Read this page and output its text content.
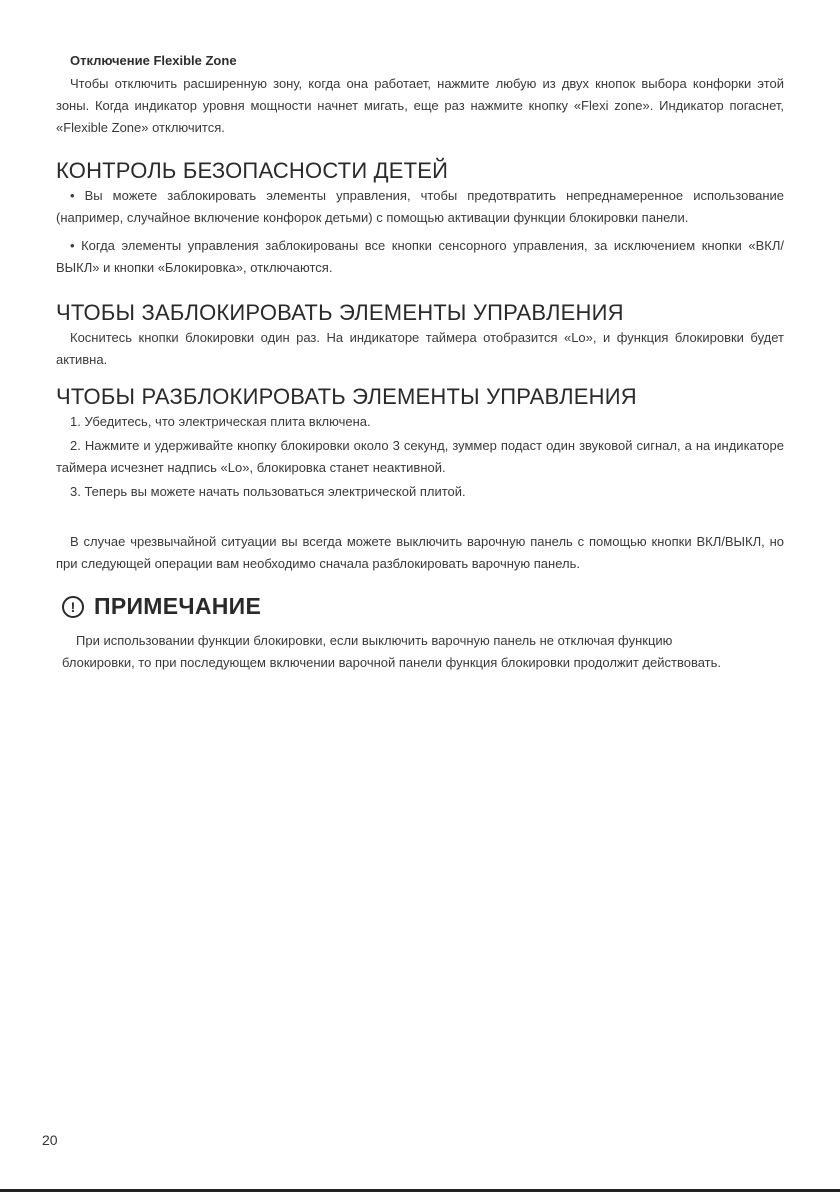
Отключение Flexible Zone

Чтобы отключить расширенную зону, когда она работает, нажмите любую из двух кнопок выбора конфорки этой зоны. Когда индикатор уровня мощности начнет мигать, еще раз нажмите кнопку «Flexi zone». Индикатор погаснет, «Flexible Zone» отключится.

КОНТРОЛЬ БЕЗОПАСНОСТИ ДЕТЕЙ

• Вы можете заблокировать элементы управления, чтобы предотвратить непреднамеренное использование (например, случайное включение конфорок детьми) с помощью активации функции блокировки панели.

• Когда элементы управления заблокированы все кнопки сенсорного управления, за исключением кнопки «ВКЛ/ВЫКЛ» и кнопки «Блокировка», отключаются.

ЧТОБЫ ЗАБЛОКИРОВАТЬ ЭЛЕМЕНТЫ УПРАВЛЕНИЯ

Коснитесь кнопки блокировки один раз. На индикаторе таймера отобразится «Lo», и функция блокировки будет активна.

ЧТОБЫ РАЗБЛОКИРОВАТЬ ЭЛЕМЕНТЫ УПРАВЛЕНИЯ

1. Убедитесь, что электрическая плита включена.

2. Нажмите и удерживайте кнопку блокировки около 3 секунд, зуммер подаст один звуковой сигнал, а на индикаторе таймера исчезнет надпись «Lo», блокировка станет неактивной.

3. Теперь вы можете начать пользоваться электрической плитой.

В случае чрезвычайной ситуации вы всегда можете выключить варочную панель с помощью кнопки ВКЛ/ВЫКЛ, но при следующей операции вам необходимо сначала разблокировать варочную панель.

! ПРИМЕЧАНИЕ

При использовании функции блокировки, если выключить варочную панель не отключая функцию блокировки, то при последующем включении варочной панели функция блокировки продолжит действовать.

20
